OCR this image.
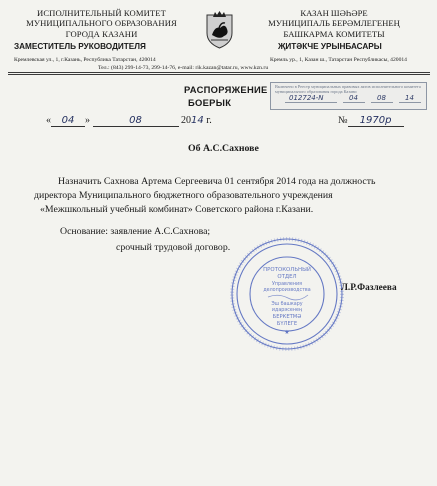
ИСПОЛНИТЕЛЬНЫЙ КОМИТЕТ
МУНИЦИПАЛЬНОГО ОБРАЗОВАНИЯ
ГОРОДА КАЗАНИ
ЗАМЕСТИТЕЛЬ РУКОВОДИТЕЛЯ
КАЗАН ШӘҺӘРЕ
МУНИЦИПАЛЬ БЕРӘМЛЕГЕНЕҢ
БАШКАРМА КОМИТЕТЫ
ҖИТӘКЧЕ УРЫНБАСАРЫ
Кремлевская ул., 1, г.Казань, Республика Татарстан, 420014	Кремль ур., 1, Казан ш., Татарстан Республикасы, 420014
Тел.: (843) 299-14-73, 299-14-76, e-mail: rik.kazan@tatar.ru, www.kzn.ru
РАСПОРЯЖЕНИЕ
БОЕРЫК
Включено в Реестр муниципальных правовых актов исполнительного комитета муниципального образования города Казани
012724-N	04	08	14
« 04 »	08	2014 г.	№ 1970р
Об А.С.Сахнове
Назначить Сахнова Артема Сергеевича 01 сентября 2014 года на должность
директора Муниципального бюджетного образовательного учреждения
«Межшкольный учебный комбинат» Советского района г.Казани.
Основание: заявление А.С.Сахнова;
срочный трудовой договор.
ПРОТОКОЛЬНЫЙ
ОТДЕЛ
Управления
делопроизводства
Эш башкару
идарәсенең
БЕРКЕТМӘ
БҮЛЕГЕ
★
Л.Р.Фазлеева
